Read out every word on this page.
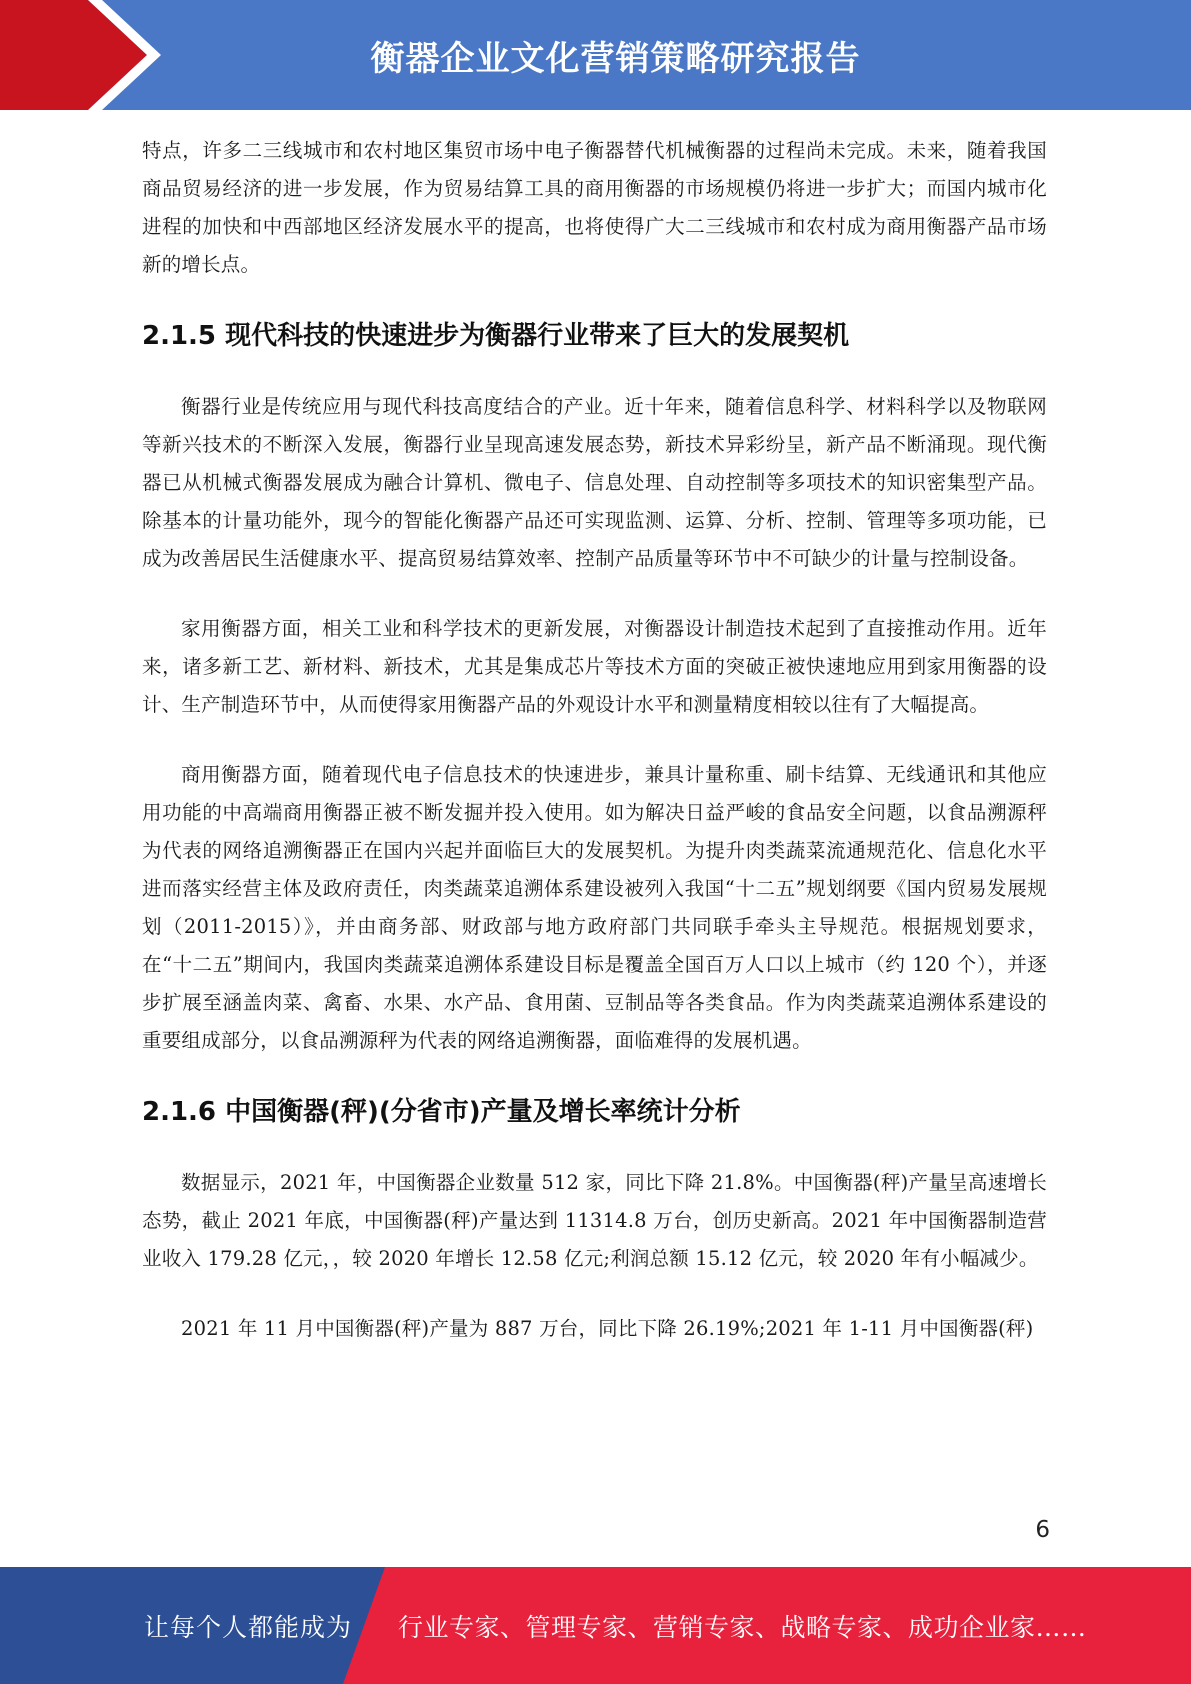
衡器企业文化营销策略研究报告

特点，许多二三线城市和农村地区集贸市场中电子衡器替代机械衡器的过程尚未完成。未来，随着我国商品贸易经济的进一步发展，作为贸易结算工具的商用衡器的市场规模仍将进一步扩大；而国内城市化进程的加快和中西部地区经济发展水平的提高，也将使得广大二三线城市和农村成为商用衡器产品市场新的增长点。

2.1.5 现代科技的快速进步为衡器行业带来了巨大的发展契机

衡器行业是传统应用与现代科技高度结合的产业。近十年来，随着信息科学、材料科学以及物联网等新兴技术的不断深入发展，衡器行业呈现高速发展态势，新技术异彩纷呈，新产品不断涌现。现代衡器已从机械式衡器发展成为融合计算机、微电子、信息处理、自动控制等多项技术的知识密集型产品。除基本的计量功能外，现今的智能化衡器产品还可实现监测、运算、分析、控制、管理等多项功能，已成为改善居民生活健康水平、提高贸易结算效率、控制产品质量等环节中不可缺少的计量与控制设备。

家用衡器方面，相关工业和科学技术的更新发展，对衡器设计制造技术起到了直接推动作用。近年来，诸多新工艺、新材料、新技术，尤其是集成芯片等技术方面的突破正被快速地应用到家用衡器的设计、生产制造环节中，从而使得家用衡器产品的外观设计水平和测量精度相较以往有了大幅提高。

商用衡器方面，随着现代电子信息技术的快速进步，兼具计量称重、刷卡结算、无线通讯和其他应用功能的中高端商用衡器正被不断发掘并投入使用。如为解决日益严峻的食品安全问题，以食品溯源秤为代表的网络追溯衡器正在国内兴起并面临巨大的发展契机。为提升肉类蔬菜流通规范化、信息化水平进而落实经营主体及政府责任，肉类蔬菜追溯体系建设被列入我国“十二五”规划纲要《国内贸易发展规划（2011-2015）》，并由商务部、财政部与地方政府部门共同联手牵头主导规范。根据规划要求，在“十二五”期间内，我国肉类蔬菜追溯体系建设目标是覆盖全国百万人口以上城市（约 120 个），并逐步扩展至涵盖肉菜、禽畜、水果、水产品、食用菌、豆制品等各类食品。作为肉类蔬菜追溯体系建设的重要组成部分，以食品溯源秤为代表的网络追溯衡器，面临难得的发展机遇。

2.1.6 中国衡器(秤)(分省市)产量及增长率统计分析

数据显示，2021 年，中国衡器企业数量 512 家，同比下降 21.8%。中国衡器(秤)产量呈高速增长态势，截止 2021 年底，中国衡器(秤)产量达到 11314.8 万台，创历史新高。2021 年中国衡器制造营业收入 179.28 亿元，，较 2020 年增长 12.58 亿元;利润总额 15.12 亿元，较 2020 年有小幅减少。

2021 年 11 月中国衡器(秤)产量为 887 万台，同比下降 26.19%;2021 年 1-11 月中国衡器(秤)

6
让每个人都能成为 行业专家、管理专家、营销专家、战略专家、成功企业家……
